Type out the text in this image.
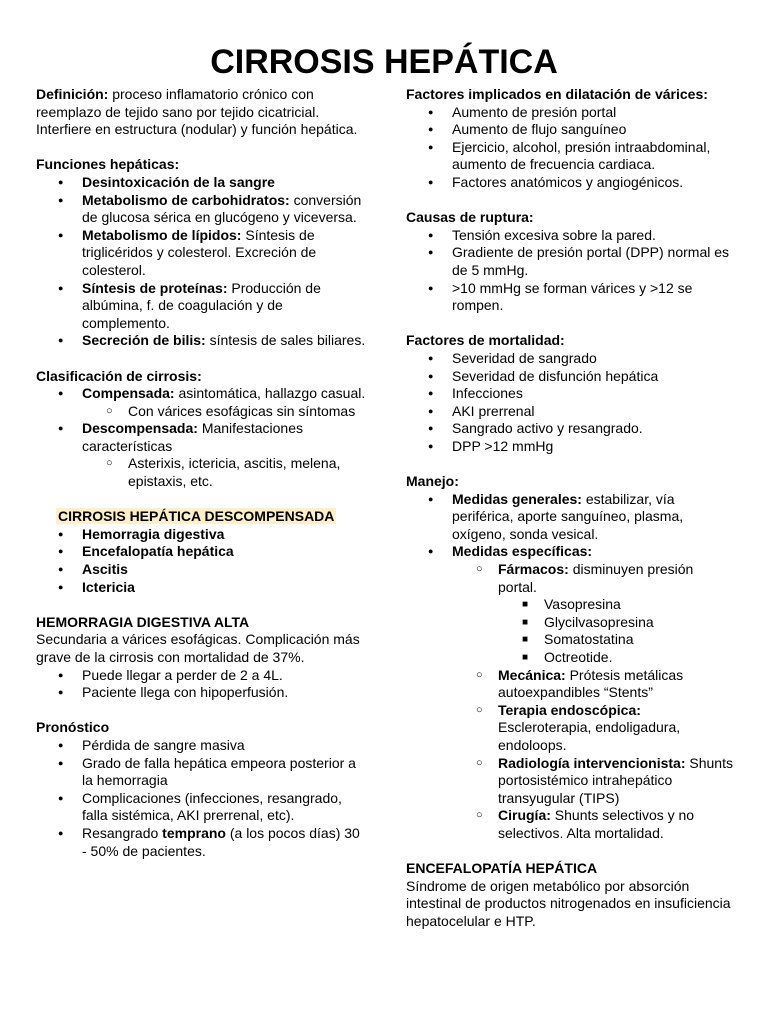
CIRROSIS HEPÁTICA

Definición: proceso inflamatorio crónico con reemplazo de tejido sano por tejido cicatricial. Interfiere en estructura (nodular) y función hepática.

Funciones hepáticas:

● Desintoxicación de la sangre
● Metabolismo de carbohidratos: conversión de glucosa sérica en glucógeno y viceversa.
● Metabolismo de lípidos: Síntesis de triglicéridos y colesterol. Excreción de colesterol.
● Síntesis de proteínas: Producción de albúmina, f. de coagulación y de complemento.
● Secreción de bilis: síntesis de sales biliares.

Clasificación de cirrosis:

● Compensada: asintomática, hallazgo casual.
○ Con várices esofágicas sin síntomas
● Descompensada: Manifestaciones características
○ Asterixis, ictericia, ascitis, melena, epistaxis, etc.

CIRROSIS HEPÁTICA DESCOMPENSADA

● Hemorragia digestiva
● Encefalopatía hepática
● Ascitis
● Ictericia

HEMORRAGIA DIGESTIVA ALTA

Secundaria a várices esofágicas. Complicación más grave de la cirrosis con mortalidad de 37%.

● Puede llegar a perder de 2 a 4L.
● Paciente llega con hipoperfusión.

Pronóstico

● Pérdida de sangre masiva
● Grado de falla hepática empeora posterior a la hemorragia
● Complicaciones (infecciones, resangrado, falla sistémica, AKI prerrenal, etc).
● Resangrado temprano (a los pocos días) 30 - 50% de pacientes.

Factores implicados en dilatación de várices:

● Aumento de presión portal
● Aumento de flujo sanguíneo
● Ejercicio, alcohol, presión intraabdominal, aumento de frecuencia cardiaca.
● Factores anatómicos y angiogénicos.

Causas de ruptura:

● Tensión excesiva sobre la pared.
● Gradiente de presión portal (DPP) normal es de 5 mmHg.
● >10 mmHg se forman várices y >12 se rompen.

Factores de mortalidad:

● Severidad de sangrado
● Severidad de disfunción hepática
● Infecciones
● AKI prerrenal
● Sangrado activo y resangrado.
● DPP >12 mmHg

Manejo:

● Medidas generales: estabilizar, vía periférica, aporte sanguíneo, plasma, oxígeno, sonda vesical.
● Medidas específicas:
○ Fármacos: disminuyen presión portal.
■ Vasopresina
■ Glycilvasopresina
■ Somatostatina
■ Octreotide.
○ Mecánica: Prótesis metálicas autoexpandibles “Stents”
○ Terapia endoscópica: Escleroterapia, endoligadura, endoloops.
○ Radiología intervencionista: Shunts portosistémico intrahepático transyugular (TIPS)
○ Cirugía: Shunts selectivos y no selectivos. Alta mortalidad.

ENCEFALOPATÍA HEPÁTICA

Síndrome de origen metabólico por absorción intestinal de productos nitrogenados en insuficiencia hepatocelular e HTP.
